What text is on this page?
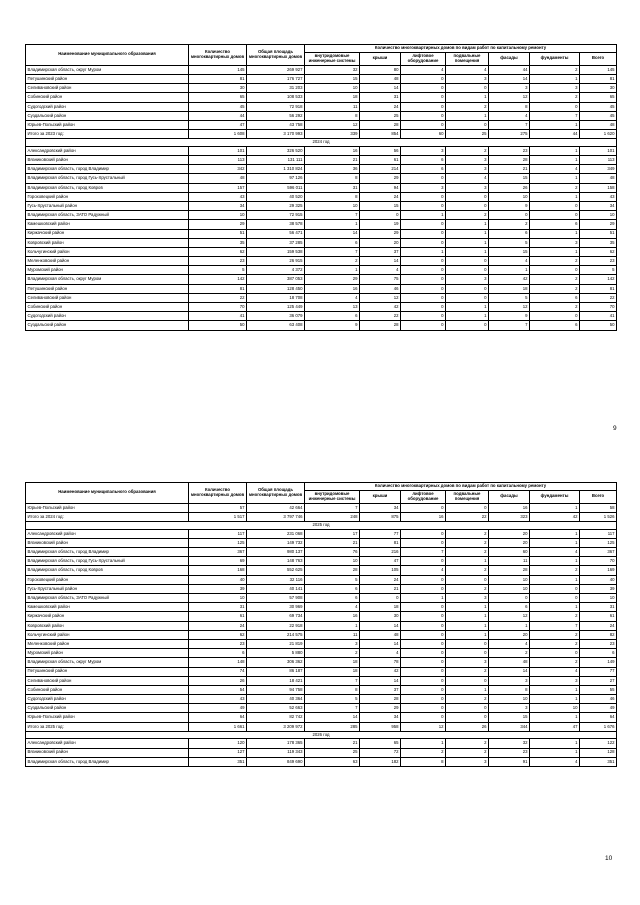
Наименование муниципального образования	Количество многоквартирных домов	Общая площадь многоквартирных домов	Количество многоквартирных домов по видам работ по капитальному ремонту						
			внутридомовые инженерные системы	крыши	лифтовое оборудование	подвальные помещения	фасады	фундаменты	Всего
Владимирская область, округ Муром	145	269 927	32	80	4	4	44	2	145
Петушинский район	81	176 727	15	48	0	3	14	1	81
Селивановский район	30	31 203	10	14	0	0	3	3	30
Собинский район	65	108 533	18	31	0	1	12	2	65
Судогодский район	45	72 918	11	24	0	2	8	0	45
Суздальский район	44	56 292	8	25	0	1	4	7	45
Юрьев-Польский район	47	43 758	12	28	0	0	7	1	48
Итого за 2023 год:	1 608	3 170 993	339	854	60	25	275	44	1 620
2024 год									
Александровский район	101	326 520	16	56	3	2	23	1	101
Вязниковский район	113	131 111	21	61	6	3	28	1	113
Владимирская область, город Владимир	342	1 310 824	36	214	6	3	21	4	349
Владимирская область, город Гусь-Хрустальный	48	97 126	8	29	0	4	15	1	48
Владимирская область, город Ковров	157	596 011	31	94	3	3	26	2	158
Гороховецкий район	43	40 520	8	24	0	0	10	1	43
Гусь-Хрустальный район	34	29 325	10	15	0	0	9	0	34
Владимирская область, ЗАТО Радужный	10	72 915	7	0	1	2	0	0	10
Камешковский район	29	38 578	1	19	0	1	2	6	29
Киржачский район	51	56 471	14	29	0	1	6	1	51
Ковровский район	35	37 285	6	20	0	1	5	3	35
Кольчугинский район	62	159 538	7	37	1	1	15	1	62
Меленковский район	23	26 915	2	14	0	0	4	2	23
Муромский район	5	4 372	1	4	0	0	1	0	5
Владимирская область, округ Муром	142	387 053	29	75	0	3	42	2	142
Петушинский район	81	128 450	16	46	0	0	18	2	81
Селивановский район	22	18 708	4	12	0	0	5	6	22
Собинский район	70	125 449	13	42	0	1	12	2	70
Судогодский район	41	36 079	6	22	0	1	9	0	41
Суздальский район	50	63 408	9	28	0	0	7	6	50
9
Наименование муниципального образования	Количество многоквартирных домов	Общая площадь многоквартирных домов	Количество многоквартирных домов по видам работ по капитальному ремонту						
			внутридомовые инженерные системы	крыши	лифтовое оборудование	подвальные помещения	фасады	фундаменты	Всего
Юрьев-Польский район	57	42 664	7	34	0	0	16	1	58
Итого за 2024 год:	1 517	3 797 746	248	875	16	22	323	42	1 526
2025 год									
Александровский район	117	231 068	17	77	0	2	20	1	117
Вязниковский район	125	149 732	21	81	0	2	20	1	125
Владимирская область, город Владимир	367	980 137	76	216	7	2	60	4	367
Владимирская область, город Гусь-Хрустальный	69	148 763	10	47	0	1	11	1	70
Владимирская область, город Ковров	168	552 625	28	105	4	2	28	2	169
Гороховецкий район	40	32 116	5	24	0	0	10	1	40
Гусь-Хрустальный район	39	40 141	6	21	0	2	10	0	39
Владимирская область, ЗАТО Радужный	10	57 908	6	0	1	3	0	0	10
Камешковский район	31	30 969	4	18	0	1	6	1	31
Киржачский район	61	69 734	16	30	0	1	12	2	61
Ковровский район	24	22 918	1	14	0	1	1	7	24
Кольчугинский район	62	214 575	11	48	0	1	20	2	82
Меленковский район	23	21 819	3	14	0	0	4	2	23
Муромский район	6	5 880	2	4	0	0	2	0	6
Владимирская область, округ Муром	148	306 362	18	78	0	3	48	2	149
Петушинский район	74	86 187	18	42	0	2	14	4	77
Селивановский район	26	18 421	7	14	0	0	3	3	27
Собинский район	54	94 758	8	37	0	1	8	1	55
Судогодский район	43	40 364	5	28	0	2	10	1	46
Суздальский район	49	52 663	7	29	0	0	3	10	49
Юрьев-Польский район	64	82 742	14	34	0	0	15	1	64
Итого за 2025 год:	1 661	3 209 972	285	958	12	26	344	47	1 676
2026 год									
Александровский район	120	178 365	21	65	1	2	32	1	122
Вязниковский район	127	119 343	25	72	2	2	23	1	128
Владимирская область, город Владимир	351	849 690	63	182	8	3	91	4	351
10
